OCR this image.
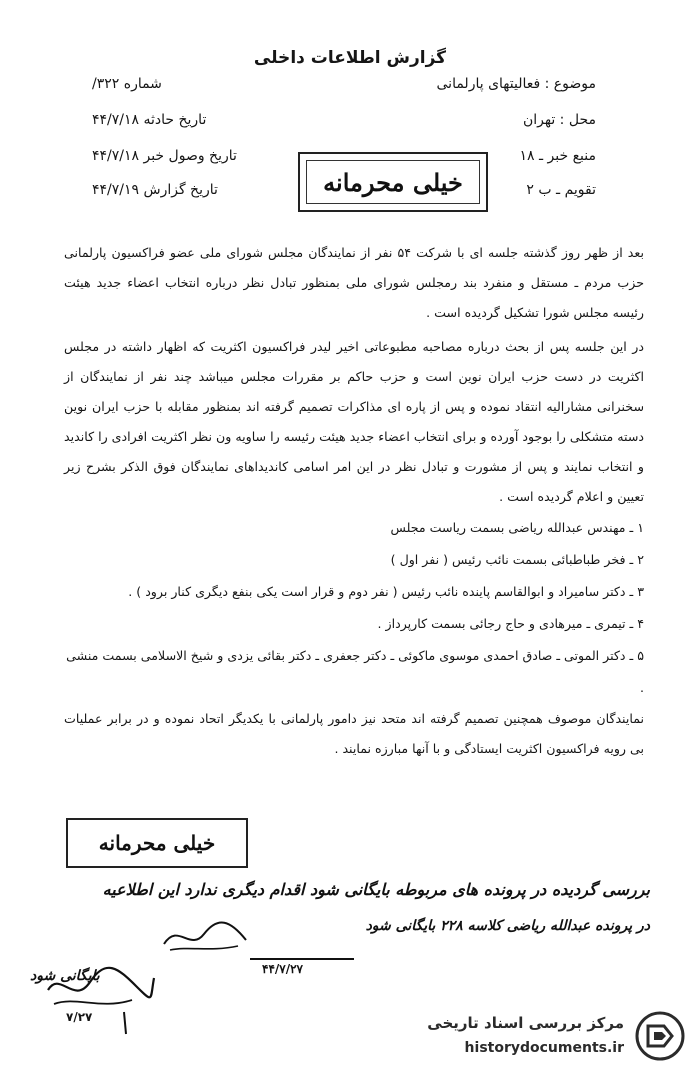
گزارش اطلاعات داخلی
موضوع : فعالیتهای پارلمانی
شماره ۳۲۲/
محل : تهران
تاریخ حادثه ۴۴/۷/۱۸
منبع خبر ـ ۱۸
تاریخ وصول خبر ۴۴/۷/۱۸
تقویم ـ ب ۲
تاریخ گزارش ۴۴/۷/۱۹	خیلی محرمانه

بعد از ظهر روز گذشته جلسه ای با شرکت ۵۴ نفر از نمایندگان مجلس شورای ملی عضو فراکسیون پارلمانی حزب مردم ـ مستقل و منفرد بند رمجلس شورای ملی بمنظور تبادل نظر درباره انتخاب اعضاء جدید هیئت رئیسه مجلس شورا تشکیل گردیده است .

در این جلسه پس از بحث درباره مصاحبه مطبوعاتی اخیر لیدر فراکسیون اکثریت که اظهار داشته در مجلس اکثریت در دست حزب ایران نوین است و حزب حاکم بر مقررات مجلس میباشد چند نفر از نمایندگان از سخنرانی مشارالیه انتقاد نموده و پس از پاره ای مذاکرات تصمیم گرفته اند بمنظور مقابله با حزب ایران نوین دسته متشکلی را بوجود آورده و برای انتخاب اعضاء جدید هیئت رئیسه را ساویه ون نظر اکثریت افرادی را کاندید و انتخاب نمایند و پس از مشورت و تبادل نظر در این امر اسامی کاندیداهای نمایندگان فوق الذکر بشرح زیر تعیین و اعلام گردیده است .

۱ ـ مهندس عبدالله ریاضی بسمت ریاست مجلس

۲ ـ فخر طباطبائی بسمت نائب رئیس ( نفر اول )

۳ ـ دکتر سامیراد و ابوالقاسم پاینده نائب رئیس ( نفر دوم و قرار است یکی بنفع دیگری کنار برود ) .

۴ ـ تیمری ـ میرهادی و حاج رجائی بسمت کارپرداز .

۵ ـ دکتر الموتی ـ صادق احمدی موسوی ماکوئی ـ دکتر جعفری ـ دکتر بقائی یزدی و شیخ الاسلامی بسمت منشی .

نمایندگان موصوف همچنین تصمیم گرفته اند متحد نیز دامور پارلمانی با یکدیگر اتحاد نموده و در برابر عملیات بی رویه فراکسیون اکثریت ایستادگی و با آنها مبارزه نمایند .

خیلی محرمانه
بررسی گردیده در پرونده های مربوطه بایگانی شود اقدام دیگری ندارد این اطلاعیه
در پرونده عبدالله ریاضی کلاسه ۲۲۸ بایگانی شود
۴۴/۷/۲۷
بایگانی شود
۷/۲۷	مرکز بررسی اسناد تاریخی
historydocuments.ir
